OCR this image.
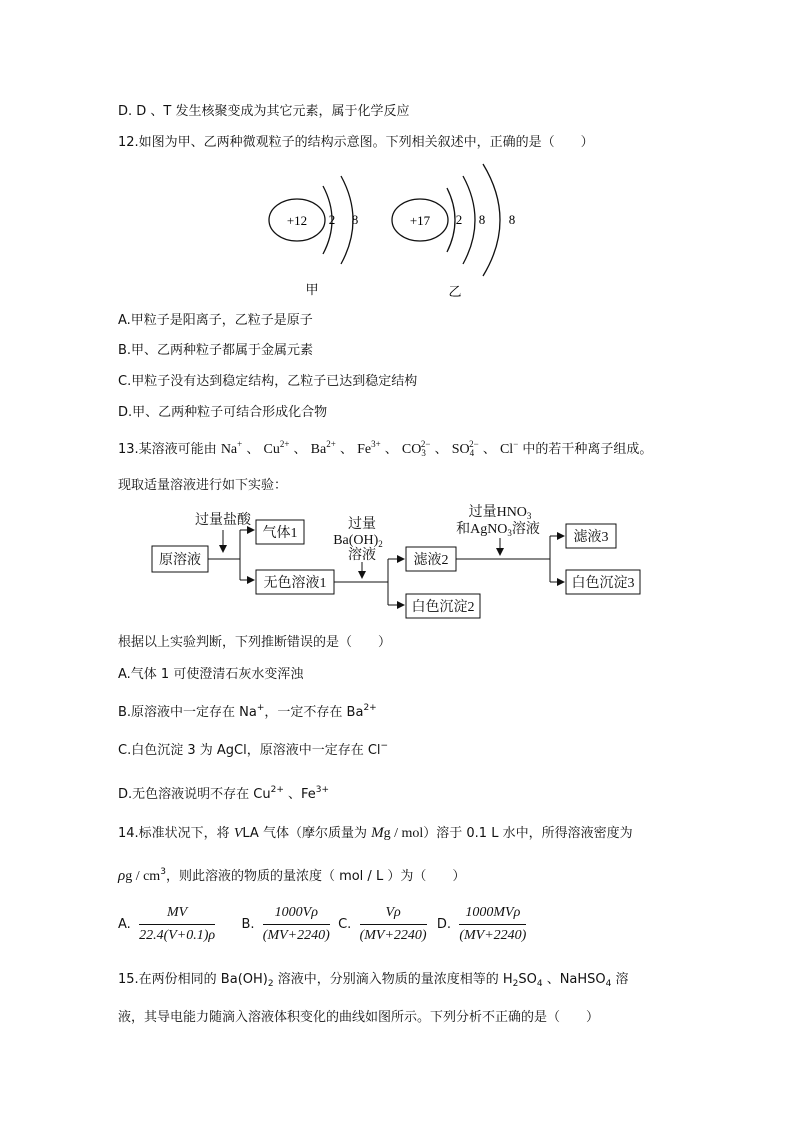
D. D 、T 发生核聚变成为其它元素，属于化学反应
12.如图为甲、乙两种微观粒子的结构示意图。下列相关叙述中，正确的是（　　）
+12 2 8
甲
+17 2 8 8
乙
A.甲粒子是阳离子，乙粒子是原子
B.甲、乙两种粒子都属于金属元素
C.甲粒子没有达到稳定结构，乙粒子已达到稳定结构
D.甲、乙两种粒子可结合形成化合物
13.某溶液可能由 Na+ 、 $Cu^{2+}$ 、 $Ba^{2+}$ 、 $Fe^{3+}$ 、 $CO_3^{2-}$ 、 $SO_4^{2-}$ 、 Cl− 中的若干种离子组成。
现取适量溶液进行如下实验：
原溶液
过量盐酸
气体1
无色溶液1
过量
$Ba(OH)_2$
溶液	滤液2
白色沉淀2
过量$HNO_3$
和AgNO$_3$溶液
滤液3
白色沉淀3
根据以上实验判断，下列推断错误的是（　　）
A.气体 1 可使澄清石灰水变浑浊
B.原溶液中一定存在 Na+，一定不存在 $Ba^{2+}$
C.白色沉淀 3 为 AgCl，原溶液中一定存在 Cl−
D.无色溶液说明不存在 $Cu^{2+}$ 、$Fe^{3+}$
14.标准状况下，将 VLA 气体（摩尔质量为 Mg / mol）溶于 0.1 L 水中，所得溶液密度为
ρg / $cm^3$，则此溶液的物质的量浓度（ mol / L ）为（　　）
A. $\frac{MV}{22.4(V+0.1)\rho} B$. $\frac{1000V\rho}{(MV+2240)} C$. $\frac{V\rho}{(MV+2240)} D$. $\frac{\text{1000MVρ}}{(MV+2240)}$
15.在两份相同的 $Ba(OH)_2$ 溶液中，分别滴入物质的量浓度相等的 $H_2SO_4$ 、NaHSO$_4$ 溶
液，其导电能力随滴入溶液体积变化的曲线如图所示。下列分析不正确的是（　　）
